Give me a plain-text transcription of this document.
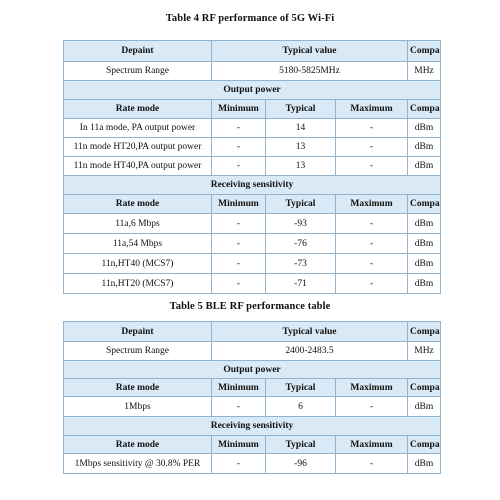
Table 4 RF performance of 5G Wi-Fi
Depaint	Typical value			Compa
Spectrum Range	5180-5825MHz			MHz
Output power				
Rate mode	Minimum	Typical	Maximum	Compa
In 11a mode, PA output power	-	14	-	dBm
11n mode HT20,PA output power	-	13	-	dBm
11n mode HT40,PA output power	-	13	-	dBm
Receiving sensitivity				
Rate mode	Minimum	Typical	Maximum	Compa
11a,6 Mbps	-	-93	-	dBm
11a,54 Mbps	-	-76	-	dBm
11n,HT40 (MCS7)	-	-73	-	dBm
11n,HT20 (MCS7)	-	-71	-	dBm
Table 5 BLE RF performance table
Depaint	Typical value			Compa
Spectrum Range	2400-2483.5			MHz
Output power				
Rate mode	Minimum	Typical	Maximum	Compa
1Mbps	-	6	-	dBm
Receiving sensitivity				
Rate mode	Minimum	Typical	Maximum	Compa
1Mbps sensitivity @ 30.8% PER	-	-96	-	dBm
